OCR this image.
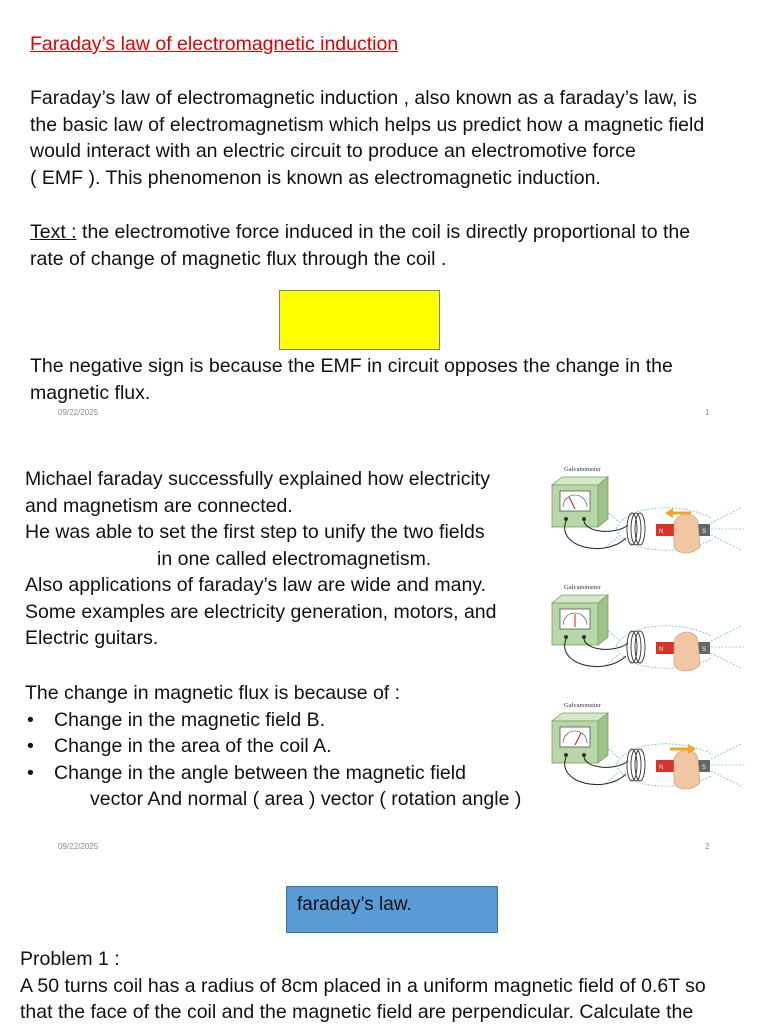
Faraday’s law of electromagnetic induction
Faraday’s law of electromagnetic induction , also known as a faraday’s law, is
the basic law of electromagnetism which helps us predict how a magnetic field
would interact with an electric circuit to produce an electromotive force
( EMF ). This phenomenon is known as electromagnetic induction.
Text : the electromotive force induced in the coil is directly proportional to the
rate of change of magnetic flux through the coil .
The negative sign is because the EMF in circuit opposes the change in the
magnetic flux.
09/22/2025	1
Michael faraday successfully explained how electricity
and magnetism are connected.
He was able to set the first step to unify the two fields
in one called electromagnetism.
Also applications of faraday’s law are wide and many.
Some examples are electricity generation, motors, and
Electric guitars.
The change in magnetic flux is because of :
• Change in the magnetic field B.
• Change in the area of the coil A.
• Change in the angle between the magnetic field
vector And normal ( area ) vector ( rotation angle )
Galvanometer
N	S
Galvanometer
N	S
Galvanometer
N	S
09/22/2025	2
faraday’s law.
Problem 1 :
A 50 turns coil has a radius of 8cm placed in a uniform magnetic field of 0.6T so
that the face of the coil and the magnetic field are perpendicular. Calculate the
